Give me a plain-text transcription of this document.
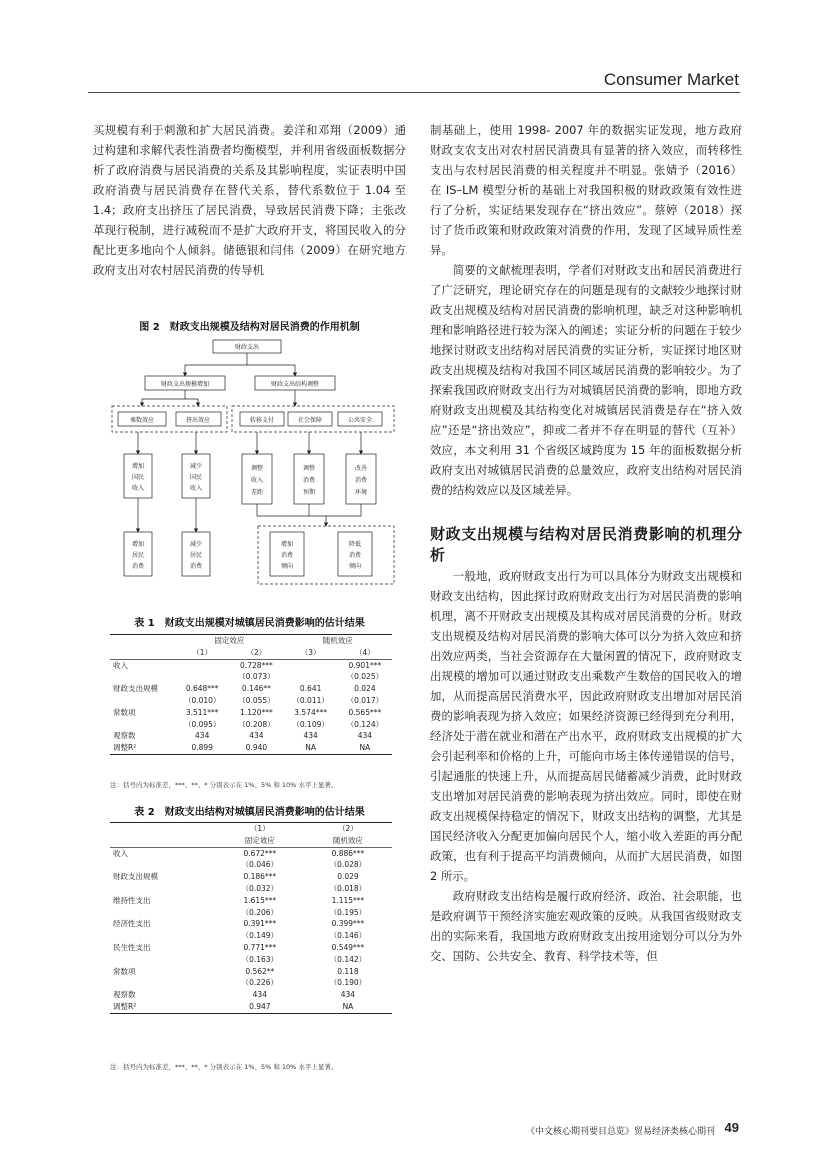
Consumer Market

买规模有利于刺激和扩大居民消费。姜洋和邓翔（2009）通过构建和求解代表性消费者均衡模型，并利用省级面板数据分析了政府消费与居民消费的关系及其影响程度，实证表明中国政府消费与居民消费存在替代关系，替代系数位于 1.04 至 1.4；政府支出挤压了居民消费，导致居民消费下降；主张改革现行税制，进行减税而不是扩大政府开支，将国民收入的分配比更多地向个人倾斜。储德银和闫伟（2009）在研究地方政府支出对农村居民消费的传导机

图 2　财政支出规模及结构对居民消费的作用机制
财政支出
财政支出规模增加	财政支出结构调整
乘数效应	挤出效应	转移支付	社会保障	公共安全
增加
国民
收入
减少
国民
收入
调整
收入
差距
调整
消费
预期
改善
消费
环境
增加
居民
消费
减少
居民
消费
增加
消费
倾向
降低
消费
倾向
表 1　财政支出规模对城镇居民消费影响的估计结果
	固定效应		随机效应	
	（1）	（2）	（3）	（4）
收入		0.728***		0.901***
		（0.073）		（0.025）
财政支出规模	0.648***	0.146**	0.641	0.024
	（0.010）	（0.055）	（0.011）	（0.017）
常数项	3.511***	1.120***	3.574***	0.565***
	（0.095）	（0.208）	（0.109）	（0.124）
观察数	434	434	434	434
调整R²	0.899	0.940	NA	NA
注：括号内为标准差，***、**、* 分别表示在 1%、5% 和 10% 水平上显著。
表 2　财政支出结构对城镇居民消费影响的估计结果
	（1）	（2）
	固定效应	随机效应
收入	0.672***	0.886***
	（0.046）	（0.028）
财政支出规模	0.186***	0.029
	（0.032）	（0.018）
维持性支出	1.615***	1.115***
	（0.206）	（0.195）
经济性支出	0.391***	0.399***
	（0.149）	（0.146）
民生性支出	0.771***	0.549***
	（0.163）	（0.142）
常数项	0.562**	0.118
	（0.226）	（0.190）
观察数	434	434
调整R²	0.947	NA
注：括号内为标准差，***、**、* 分别表示在 1%、5% 和 10% 水平上显著。

制基础上，使用 1998- 2007 年的数据实证发现，地方政府财政支农支出对农村居民消费具有显著的挤入效应，而转移性支出与农村居民消费的相关程度并不明显。张婧予（2016）在 IS–LM 模型分析的基础上对我国积极的财政政策有效性进行了分析，实证结果发现存在“挤出效应”。蔡婷（2018）探讨了货币政策和财政政策对消费的作用，发现了区域异质性差异。

简要的文献梳理表明，学者们对财政支出和居民消费进行了广泛研究，理论研究存在的问题是现有的文献较少地探讨财政支出规模及结构对居民消费的影响机理，缺乏对这种影响机理和影响路径进行较为深入的阐述；实证分析的问题在于较少地探讨财政支出结构对居民消费的实证分析，实证探讨地区财政支出规模及结构对我国不同区域居民消费的影响较少。为了探索我国政府财政支出行为对城镇居民消费的影响，即地方政府财政支出规模及其结构变化对城镇居民消费是存在“挤入效应”还是“挤出效应”，抑或二者并不存在明显的替代（互补）效应，本文利用 31 个省级区域跨度为 15 年的面板数据分析政府支出对城镇居民消费的总量效应，政府支出结构对居民消费的结构效应以及区域差异。

财政支出规模与结构对居民消费影响的机理分析

一般地，政府财政支出行为可以具体分为财政支出规模和财政支出结构，因此探讨政府财政支出行为对居民消费的影响机理，离不开财政支出规模及其构成对居民消费的分析。财政支出规模及结构对居民消费的影响大体可以分为挤入效应和挤出效应两类，当社会资源存在大量闲置的情况下，政府财政支出规模的增加可以通过财政支出乘数产生数倍的国民收入的增加，从而提高居民消费水平，因此政府财政支出增加对居民消费的影响表现为挤入效应；如果经济资源已经得到充分利用，经济处于潜在就业和潜在产出水平，政府财政支出规模的扩大会引起利率和价格的上升，可能向市场主体传递错误的信号，引起通胀的快速上升，从而提高居民储蓄减少消费，此时财政支出增加对居民消费的影响表现为挤出效应。同时，即使在财政支出规模保持稳定的情况下，财政支出结构的调整，尤其是国民经济收入分配更加偏向居民个人，缩小收入差距的再分配政策，也有利于提高平均消费倾向，从而扩大居民消费，如图 2 所示。

政府财政支出结构是履行政府经济、政治、社会职能，也是政府调节干预经济实施宏观政策的反映。从我国省级财政支出的实际来看，我国地方政府财政支出按用途划分可以分为外交、国防、公共安全、教育、科学技术等，但

《中文核心期刊要目总览》贸易经济类核心期刊 49
